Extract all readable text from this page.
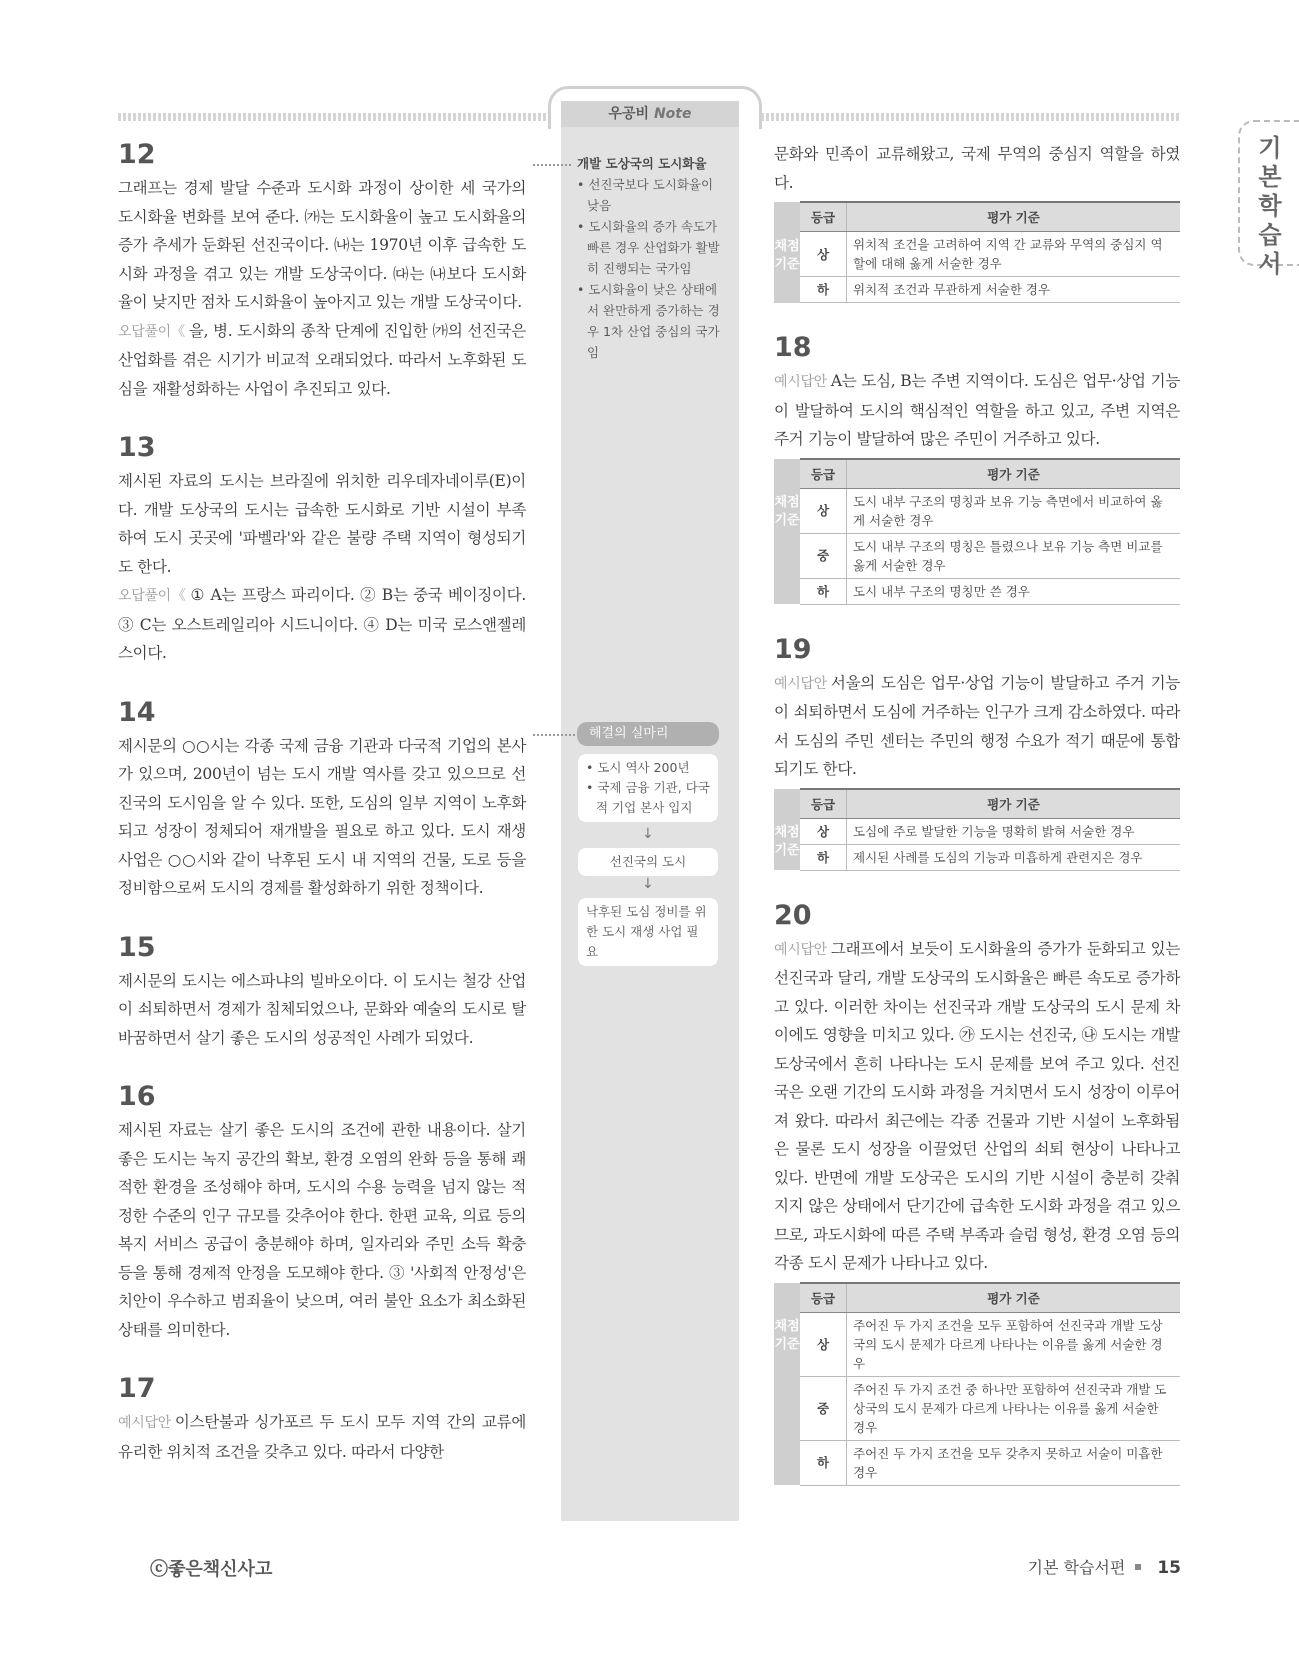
우공비 Note
기본학습서
개발 도상국의 도시화율
• 선진국보다 도시화율이 낮음
• 도시화율의 증가 속도가 빠른 경우 산업화가 활발히 진행되는 국가임
• 도시화율이 낮은 상태에서 완만하게 증가하는 경우 1차 산업 중심의 국가임
해결의 실마리
• 도시 역사 200년
• 국제 금융 기관, 다국적 기업 본사 입지
↓
선진국의 도시
↓
낙후된 도심 정비를 위한 도시 재생 사업 필요
12

그래프는 경제 발달 수준과 도시화 과정이 상이한 세 국가의 도시화율 변화를 보여 준다. ㈎는 도시화율이 높고 도시화율의 증가 추세가 둔화된 선진국이다. ㈏는 1970년 이후 급속한 도시화 과정을 겪고 있는 개발 도상국이다. ㈐는 ㈏보다 도시화율이 낮지만 점차 도시화율이 높아지고 있는 개발 도상국이다.

오답풀이《 을, 병. 도시화의 종착 단계에 진입한 ㈎의 선진국은 산업화를 겪은 시기가 비교적 오래되었다. 따라서 노후화된 도심을 재활성화하는 사업이 추진되고 있다.

13

제시된 자료의 도시는 브라질에 위치한 리우데자네이루(E)이다. 개발 도상국의 도시는 급속한 도시화로 기반 시설이 부족하여 도시 곳곳에 '파벨라'와 같은 불량 주택 지역이 형성되기도 한다.

오답풀이《 ① A는 프랑스 파리이다. ② B는 중국 베이징이다. ③ C는 오스트레일리아 시드니이다. ④ D는 미국 로스앤젤레스이다.

14

제시문의 ○○시는 각종 국제 금융 기관과 다국적 기업의 본사가 있으며, 200년이 넘는 도시 개발 역사를 갖고 있으므로 선진국의 도시임을 알 수 있다. 또한, 도심의 일부 지역이 노후화되고 성장이 정체되어 재개발을 필요로 하고 있다. 도시 재생 사업은 ○○시와 같이 낙후된 도시 내 지역의 건물, 도로 등을 정비함으로써 도시의 경제를 활성화하기 위한 정책이다.

15

제시문의 도시는 에스파냐의 빌바오이다. 이 도시는 철강 산업이 쇠퇴하면서 경제가 침체되었으나, 문화와 예술의 도시로 탈바꿈하면서 살기 좋은 도시의 성공적인 사례가 되었다.

16

제시된 자료는 살기 좋은 도시의 조건에 관한 내용이다. 살기 좋은 도시는 녹지 공간의 확보, 환경 오염의 완화 등을 통해 쾌적한 환경을 조성해야 하며, 도시의 수용 능력을 넘지 않는 적정한 수준의 인구 규모를 갖추어야 한다. 한편 교육, 의료 등의 복지 서비스 공급이 충분해야 하며, 일자리와 주민 소득 확충 등을 통해 경제적 안정을 도모해야 한다. ③ '사회적 안정성'은 치안이 우수하고 범죄율이 낮으며, 여러 불안 요소가 최소화된 상태를 의미한다.

17

예시답안 이스탄불과 싱가포르 두 도시 모두 지역 간의 교류에 유리한 위치적 조건을 갖추고 있다. 따라서 다양한

문화와 민족이 교류해왔고, 국제 무역의 중심지 역할을 하였다.

	등급	평가 기준
채점기준	상	위치적 조건을 고려하여 지역 간 교류와 무역의 중심지 역할에 대해 옳게 서술한 경우
	하	위치적 조건과 무관하게 서술한 경우
18

예시답안 A는 도심, B는 주변 지역이다. 도심은 업무·상업 기능이 발달하여 도시의 핵심적인 역할을 하고 있고, 주변 지역은 주거 기능이 발달하여 많은 주민이 거주하고 있다.

	등급	평가 기준
채점기준	상	도시 내부 구조의 명칭과 보유 기능 측면에서 비교하여 옳게 서술한 경우
	중	도시 내부 구조의 명칭은 틀렸으나 보유 기능 측면 비교를 옳게 서술한 경우
	하	도시 내부 구조의 명칭만 쓴 경우
19

예시답안 서울의 도심은 업무·상업 기능이 발달하고 주거 기능이 쇠퇴하면서 도심에 거주하는 인구가 크게 감소하였다. 따라서 도심의 주민 센터는 주민의 행정 수요가 적기 때문에 통합되기도 한다.

	등급	평가 기준
채점기준	상	도심에 주로 발달한 기능을 명확히 밝혀 서술한 경우
	하	제시된 사례를 도심의 기능과 미흡하게 관련지은 경우
20

예시답안 그래프에서 보듯이 도시화율의 증가가 둔화되고 있는 선진국과 달리, 개발 도상국의 도시화율은 빠른 속도로 증가하고 있다. 이러한 차이는 선진국과 개발 도상국의 도시 문제 차이에도 영향을 미치고 있다. ㉮ 도시는 선진국, ㉯ 도시는 개발 도상국에서 흔히 나타나는 도시 문제를 보여 주고 있다. 선진국은 오랜 기간의 도시화 과정을 거치면서 도시 성장이 이루어져 왔다. 따라서 최근에는 각종 건물과 기반 시설이 노후화됨은 물론 도시 성장을 이끌었던 산업의 쇠퇴 현상이 나타나고 있다. 반면에 개발 도상국은 도시의 기반 시설이 충분히 갖춰지지 않은 상태에서 단기간에 급속한 도시화 과정을 겪고 있으므로, 과도시화에 따른 주택 부족과 슬럼 형성, 환경 오염 등의 각종 도시 문제가 나타나고 있다.

	등급	평가 기준
채점기준	상	주어진 두 가지 조건을 모두 포함하여 선진국과 개발 도상국의 도시 문제가 다르게 나타나는 이유를 옳게 서술한 경우
	중	주어진 두 가지 조건 중 하나만 포함하여 선진국과 개발 도상국의 도시 문제가 다르게 나타나는 이유를 옳게 서술한 경우
	하	주어진 두 가지 조건을 모두 갖추지 못하고 서술이 미흡한 경우
ⓒ좋은책신사고	기본 학습서편 15
